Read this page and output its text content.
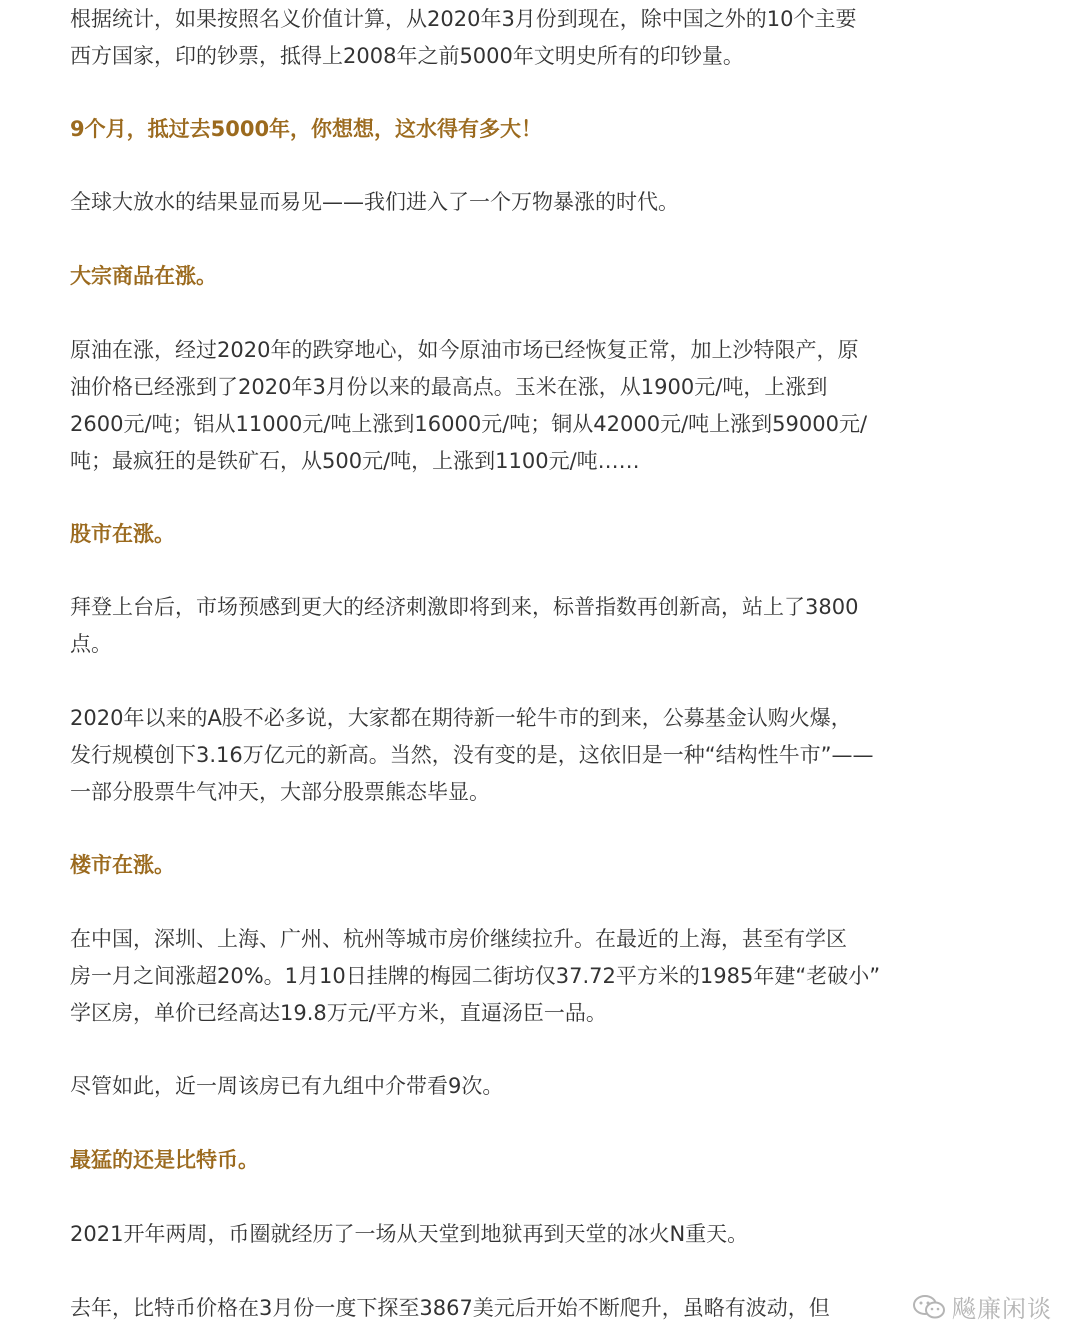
根据统计，如果按照名义价值计算，从2020年3月份到现在，除中国之外的10个主要
西方国家，印的钞票，抵得上2008年之前5000年文明史所有的印钞量。

9个月，抵过去5000年，你想想，这水得有多大！

全球大放水的结果显而易见——我们进入了一个万物暴涨的时代。

大宗商品在涨。

原油在涨，经过2020年的跌穿地心，如今原油市场已经恢复正常，加上沙特限产，原
油价格已经涨到了2020年3月份以来的最高点。玉米在涨，从1900元/吨，上涨到
2600元/吨；铝从11000元/吨上涨到16000元/吨；铜从42000元/吨上涨到59000元/
吨；最疯狂的是铁矿石，从500元/吨，上涨到1100元/吨……

股市在涨。

拜登上台后，市场预感到更大的经济刺激即将到来，标普指数再创新高，站上了3800
点。

2020年以来的A股不必多说，大家都在期待新一轮牛市的到来，公募基金认购火爆，
发行规模创下3.16万亿元的新高。当然，没有变的是，这依旧是一种“结构性牛市”——
一部分股票牛气冲天，大部分股票熊态毕显。

楼市在涨。

在中国，深圳、上海、广州、杭州等城市房价继续拉升。在最近的上海，甚至有学区
房一月之间涨超20%。1月10日挂牌的梅园二街坊仅37.72平方米的1985年建“老破小”
学区房，单价已经高达19.8万元/平方米，直逼汤臣一品。

尽管如此，近一周该房已有九组中介带看9次。

最猛的还是比特币。

2021开年两周，币圈就经历了一场从天堂到地狱再到天堂的冰火N重天。

去年，比特币价格在3月份一度下探至3867美元后开始不断爬升，虽略有波动，但	飚廉闲谈
